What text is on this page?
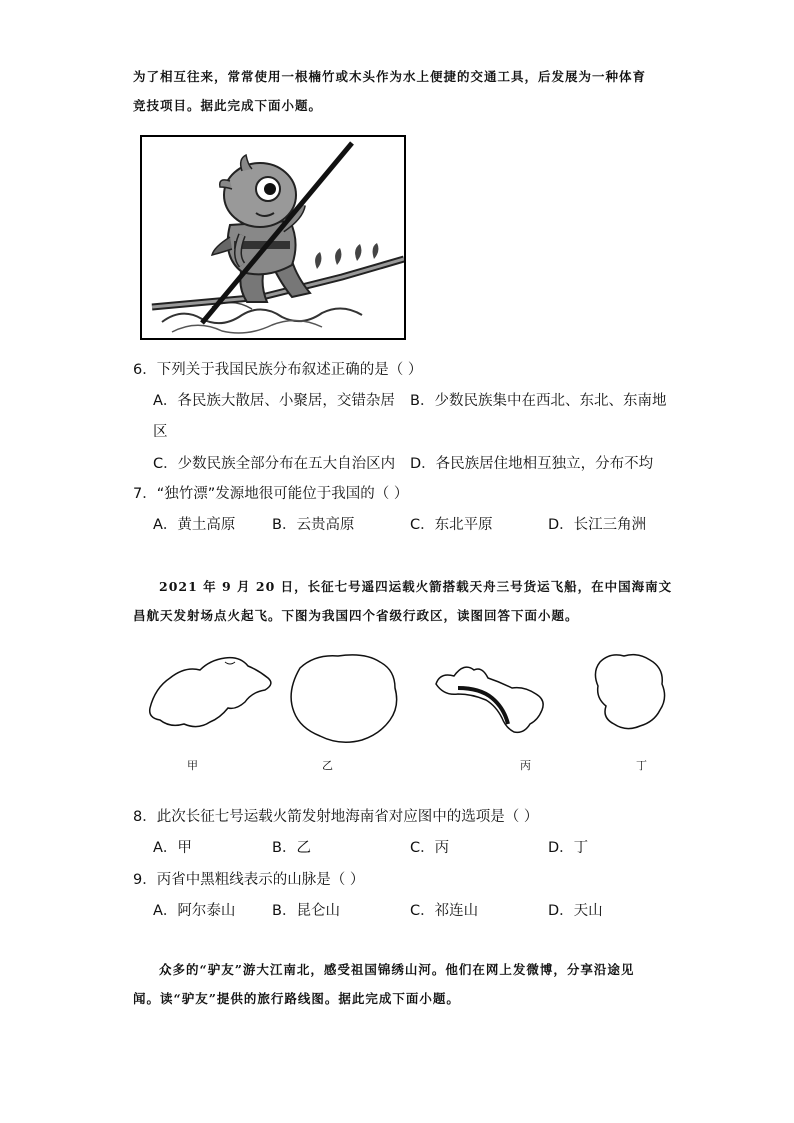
为了相互往来，常常使用一根楠竹或木头作为水上便捷的交通工具，后发展为一种体育
竞技项目。据此完成下面小题。
6．下列关于我国民族分布叙述正确的是（ ）
A．各民族大散居、小聚居，交错杂居 B．少数民族集中在西北、东北、东南地
区
C．少数民族全部分布在五大自治区内 D．各民族居住地相互独立，分布不均
7．“独竹漂”发源地很可能位于我国的（ ）
A．黄土高原	B．云贵高原	C．东北平原	D．长江三角洲
2021 年 9 月 20 日，长征七号遥四运载火箭搭载天舟三号货运飞船，在中国海南文
昌航天发射场点火起飞。下图为我国四个省级行政区，读图回答下面小题。
甲	乙	丙	丁
8．此次长征七号运载火箭发射地海南省对应图中的选项是（ ）
A．甲	B．乙	C．丙	D．丁
9．丙省中黑粗线表示的山脉是（ ）
A．阿尔泰山	B．昆仑山	C．祁连山	D．天山
众多的“驴友”游大江南北，感受祖国锦绣山河。他们在网上发微博，分享沿途见
闻。读“驴友”提供的旅行路线图。据此完成下面小题。
